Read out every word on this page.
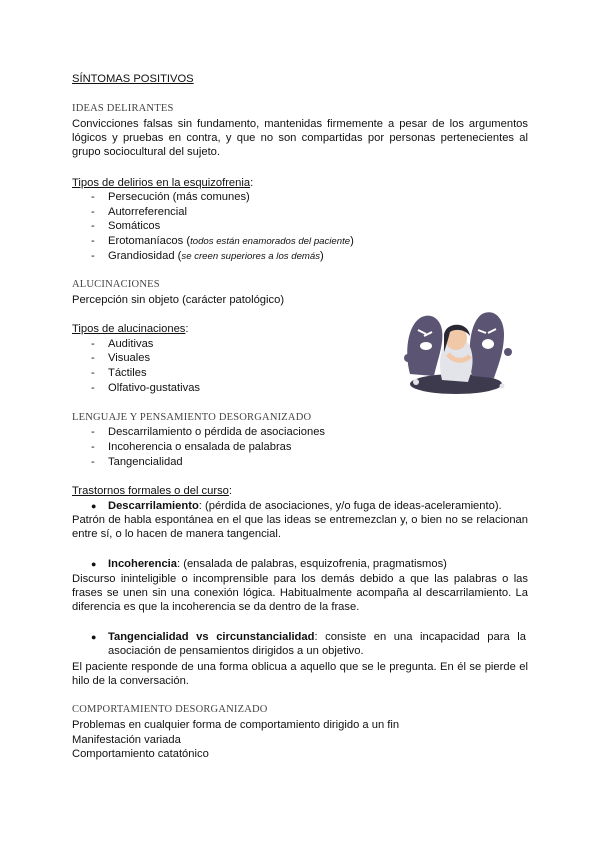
SÍNTOMAS POSITIVOS
IDEAS DELIRANTES
Convicciones falsas sin fundamento, mantenidas firmemente a pesar de los argumentos lógicos y pruebas en contra, y que no son compartidas por personas pertenecientes al grupo sociocultural del sujeto.
Tipos de delirios en la esquizofrenia:
- Persecución (más comunes)
- Autorreferencial
- Somáticos
- Erotomaníacos (todos están enamorados del paciente)
- Grandiosidad (se creen superiores a los demás)
ALUCINACIONES
Percepción sin objeto (carácter patológico)
Tipos de alucinaciones:
- Auditivas
- Visuales
- Táctiles
- Olfativo-gustativas
LENGUAJE Y PENSAMIENTO DESORGANIZADO
- Descarrilamiento o pérdida de asociaciones
- Incoherencia o ensalada de palabras
- Tangencialidad
Trastornos formales o del curso:
● Descarrilamiento: (pérdida de asociaciones, y/o fuga de ideas-aceleramiento).
Patrón de habla espontánea en el que las ideas se entremezclan y, o bien no se relacionan entre sí, o lo hacen de manera tangencial.
● Incoherencia: (ensalada de palabras, esquizofrenia, pragmatismos)
Discurso ininteligible o incomprensible para los demás debido a que las palabras o las frases se unen sin una conexión lógica. Habitualmente acompaña al descarrilamiento. La diferencia es que la incoherencia se da dentro de la frase.
● Tangencialidad vs circunstancialidad: consiste en una incapacidad para la asociación de pensamientos dirigidos a un objetivo.
El paciente responde de una forma oblicua a aquello que se le pregunta. En él se pierde el hilo de la conversación.
COMPORTAMIENTO DESORGANIZADO
Problemas en cualquier forma de comportamiento dirigido a un fin
Manifestación variada
Comportamiento catatónico
